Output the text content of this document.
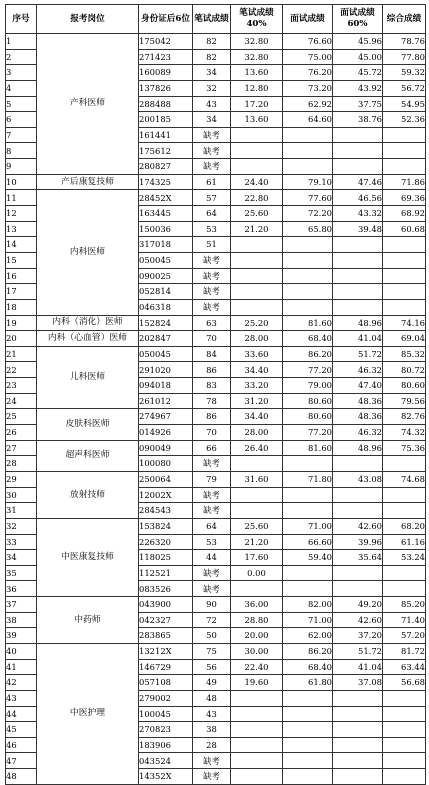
序号	报考岗位	身份证后6位	笔试成绩	笔试成绩40%	面试成绩	面试成绩60%	综合成绩
1	产科医师	175042	82	32.80	76.60	45.96	78.76
2		271423	82	32.80	75.00	45.00	77.80
3		160089	34	13.60	76.20	45.72	59.32
4		137826	32	12.80	73.20	43.92	56.72
5		288488	43	17.20	62.92	37.75	54.95
6		200185	34	13.60	64.60	38.76	52.36
7		161441	缺考				
8		175612	缺考				
9		280827	缺考				
10	产后康复技师	174325	61	24.40	79.10	47.46	71.86
11	内科医师	28452X	57	22.80	77.60	46.56	69.36
12		163445	64	25.60	72.20	43.32	68.92
13		150036	53	21.20	65.80	39.48	60.68
14		317018	51				
15		050045	缺考				
16		090025	缺考				
17		052814	缺考				
18		046318	缺考				
19	内科（消化）医师	152824	63	25.20	81.60	48.96	74.16
20	内科（心血管）医师	202847	70	28.00	68.40	41.04	69.04
21	儿科医师	050045	84	33.60	86.20	51.72	85.32
22		291020	86	34.40	77.20	46.32	80.72
23		094018	83	33.20	79.00	47.40	80.60
24		261012	78	31.20	80.60	48.36	79.56
25	皮肤科医师	274967	86	34.40	80.60	48.36	82.76
26		014926	70	28.00	77.20	46.32	74.32
27	超声科医师	090049	66	26.40	81.60	48.96	75.36
28		100080	缺考				
29	放射技师	250064	79	31.60	71.80	43.08	74.68
30		12002X	缺考				
31		284543	缺考				
32	中医康复技师	153824	64	25.60	71.00	42.60	68.20
33		226320	53	21.20	66.60	39.96	61.16
34		118025	44	17.60	59.40	35.64	53.24
35		112521	缺考	0.00			
36		083526	缺考				
37	中药师	043900	90	36.00	82.00	49.20	85.20
38		042327	72	28.80	71.00	42.60	71.40
39		283865	50	20.00	62.00	37.20	57.20
40	中医护理	13212X	75	30.00	86.20	51.72	81.72
41		146729	56	22.40	68.40	41.04	63.44
42		057108	49	19.60	61.80	37.08	56.68
43		279002	48				
44		100045	43				
45		270823	38				
46		183906	28				
47		043524	缺考				
48		14352X	缺考				
